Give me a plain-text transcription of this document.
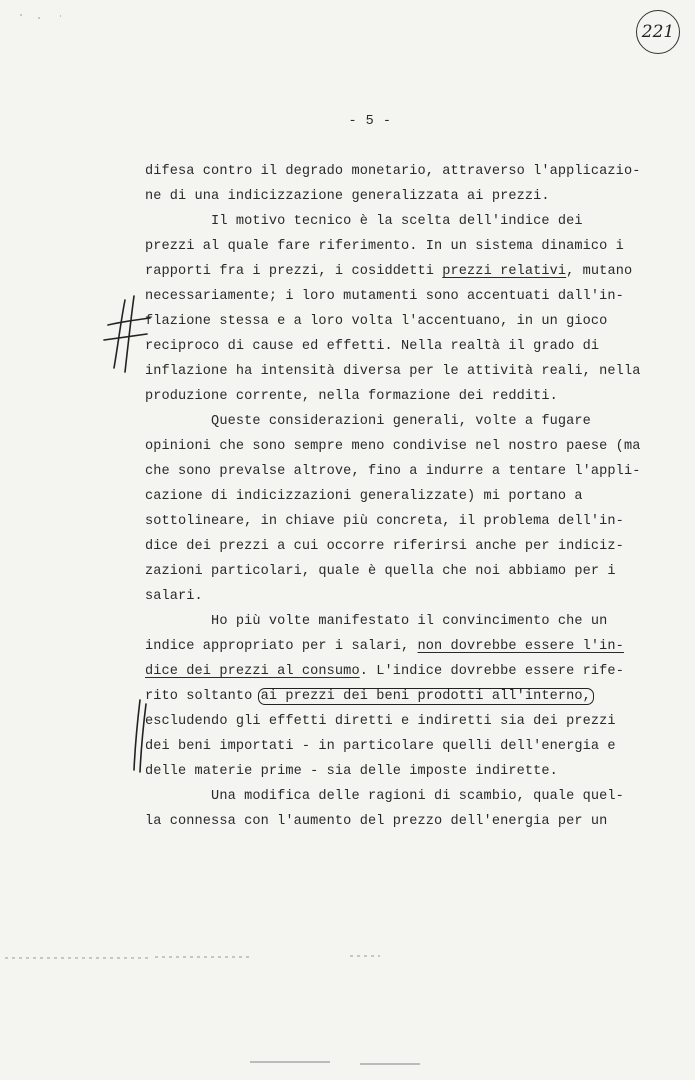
221
- 5 -
difesa contro il degrado monetario, attraverso l'applicazio-
ne di una indicizzazione generalizzata ai prezzi.
Il motivo tecnico è la scelta dell'indice dei
prezzi al quale fare riferimento. In un sistema dinamico i
rapporti fra i prezzi, i cosiddetti prezzi relativi, mutano
necessariamente; i loro mutamenti sono accentuati dall'in-
flazione stessa e a loro volta l'accentuano, in un gioco
reciproco di cause ed effetti. Nella realtà il grado di
inflazione ha intensità diversa per le attività reali, nella
produzione corrente, nella formazione dei redditi.
Queste considerazioni generali, volte a fugare
opinioni che sono sempre meno condivise nel nostro paese (ma
che sono prevalse altrove, fino a indurre a tentare l'appli-
cazione di indicizzazioni generalizzate) mi portano a
sottolineare, in chiave più concreta, il problema dell'in-
dice dei prezzi a cui occorre riferirsi anche per indiciz-
zazioni particolari, quale è quella che noi abbiamo per i
salari.
Ho più volte manifestato il convincimento che un
indice appropriato per i salari, non dovrebbe essere l'in-
dice dei prezzi al consumo. L'indice dovrebbe essere rife-
rito soltanto ai prezzi dei beni prodotti all'interno,
escludendo gli effetti diretti e indiretti sia dei prezzi
dei beni importati - in particolare quelli dell'energia e
delle materie prime - sia delle imposte indirette.
Una modifica delle ragioni di scambio, quale quel-
la connessa con l'aumento del prezzo dell'energia per un
